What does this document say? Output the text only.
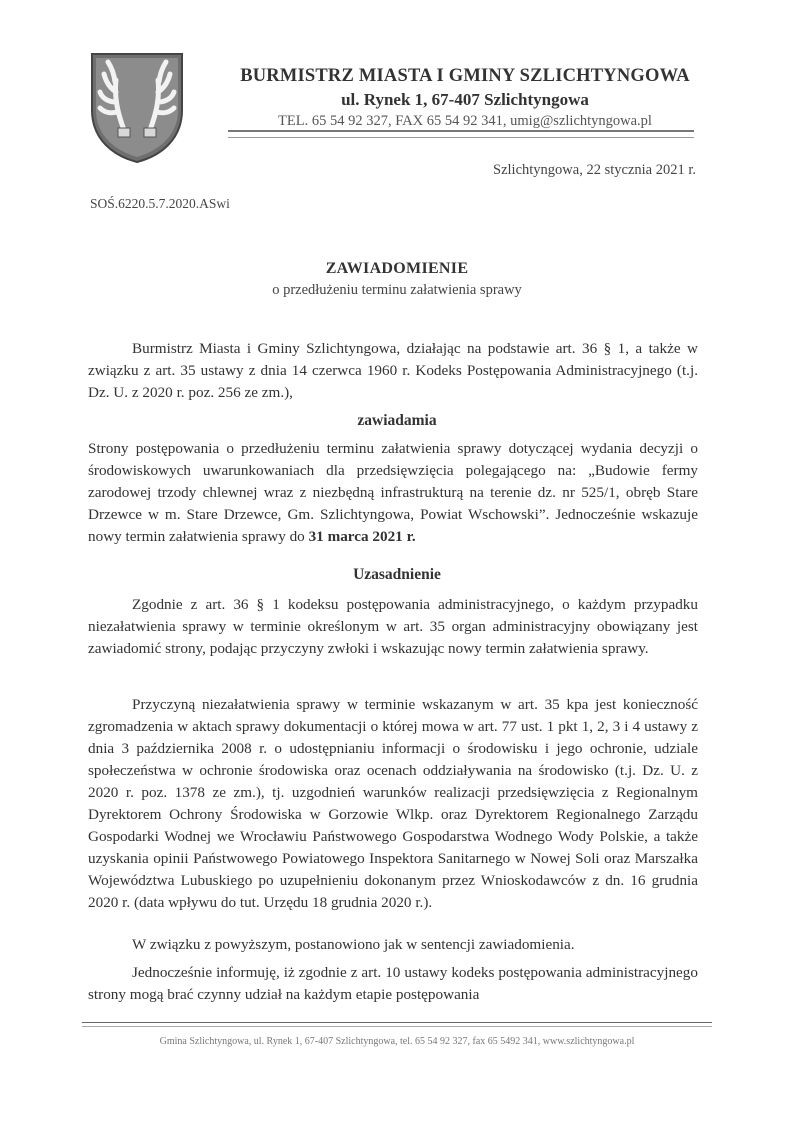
BURMISTRZ MIASTA I GMINY SZLICHTYNGOWA
ul. Rynek 1, 67-407 Szlichtyngowa
TEL. 65 54 92 327, FAX 65 54 92 341, umig@szlichtyngowa.pl
Szlichtyngowa, 22 stycznia 2021 r.
SOŚ.6220.5.7.2020.ASwi
ZAWIADOMIENIE
o przedłużeniu terminu załatwienia sprawy

Burmistrz Miasta i Gminy Szlichtyngowa, działając na podstawie art. 36 § 1, a także w związku z art. 35 ustawy z dnia 14 czerwca 1960 r. Kodeks Postępowania Administracyjnego (t.j. Dz. U. z 2020 r. poz. 256 ze zm.),

zawiadamia

Strony postępowania o przedłużeniu terminu załatwienia sprawy dotyczącej wydania decyzji o środowiskowych uwarunkowaniach dla przedsięwzięcia polegającego na: „Budowie fermy zarodowej trzody chlewnej wraz z niezbędną infrastrukturą na terenie dz. nr 525/1, obręb Stare Drzewce w m. Stare Drzewce, Gm. Szlichtyngowa, Powiat Wschowski”. Jednocześnie wskazuje nowy termin załatwienia sprawy do 31 marca 2021 r.

Uzasadnienie

Zgodnie z art. 36 § 1 kodeksu postępowania administracyjnego, o każdym przypadku niezałatwienia sprawy w terminie określonym w art. 35 organ administracyjny obowiązany jest zawiadomić strony, podając przyczyny zwłoki i wskazując nowy termin załatwienia sprawy.

Przyczyną niezałatwienia sprawy w terminie wskazanym w art. 35 kpa jest konieczność zgromadzenia w aktach sprawy dokumentacji o której mowa w art. 77 ust. 1 pkt 1, 2, 3 i 4 ustawy z dnia 3 października 2008 r. o udostępnianiu informacji o środowisku i jego ochronie, udziale społeczeństwa w ochronie środowiska oraz ocenach oddziaływania na środowisko (t.j. Dz. U. z 2020 r. poz. 1378 ze zm.), tj. uzgodnień warunków realizacji przedsięwzięcia z Regionalnym Dyrektorem Ochrony Środowiska w Gorzowie Wlkp. oraz Dyrektorem Regionalnego Zarządu Gospodarki Wodnej we Wrocławiu Państwowego Gospodarstwa Wodnego Wody Polskie, a także uzyskania opinii Państwowego Powiatowego Inspektora Sanitarnego w Nowej Soli oraz Marszałka Województwa Lubuskiego po uzupełnieniu dokonanym przez Wnioskodawców z dn. 16 grudnia 2020 r. (data wpływu do tut. Urzędu 18 grudnia 2020 r.).

W związku z powyższym, postanowiono jak w sentencji zawiadomienia.

Jednocześnie informuję, iż zgodnie z art. 10 ustawy kodeks postępowania administracyjnego strony mogą brać czynny udział na każdym etapie postępowania

Gmina Szlichtyngowa, ul. Rynek 1, 67-407 Szlichtyngowa, tel. 65 54 92 327, fax 65 5492 341, www.szlichtyngowa.pl
